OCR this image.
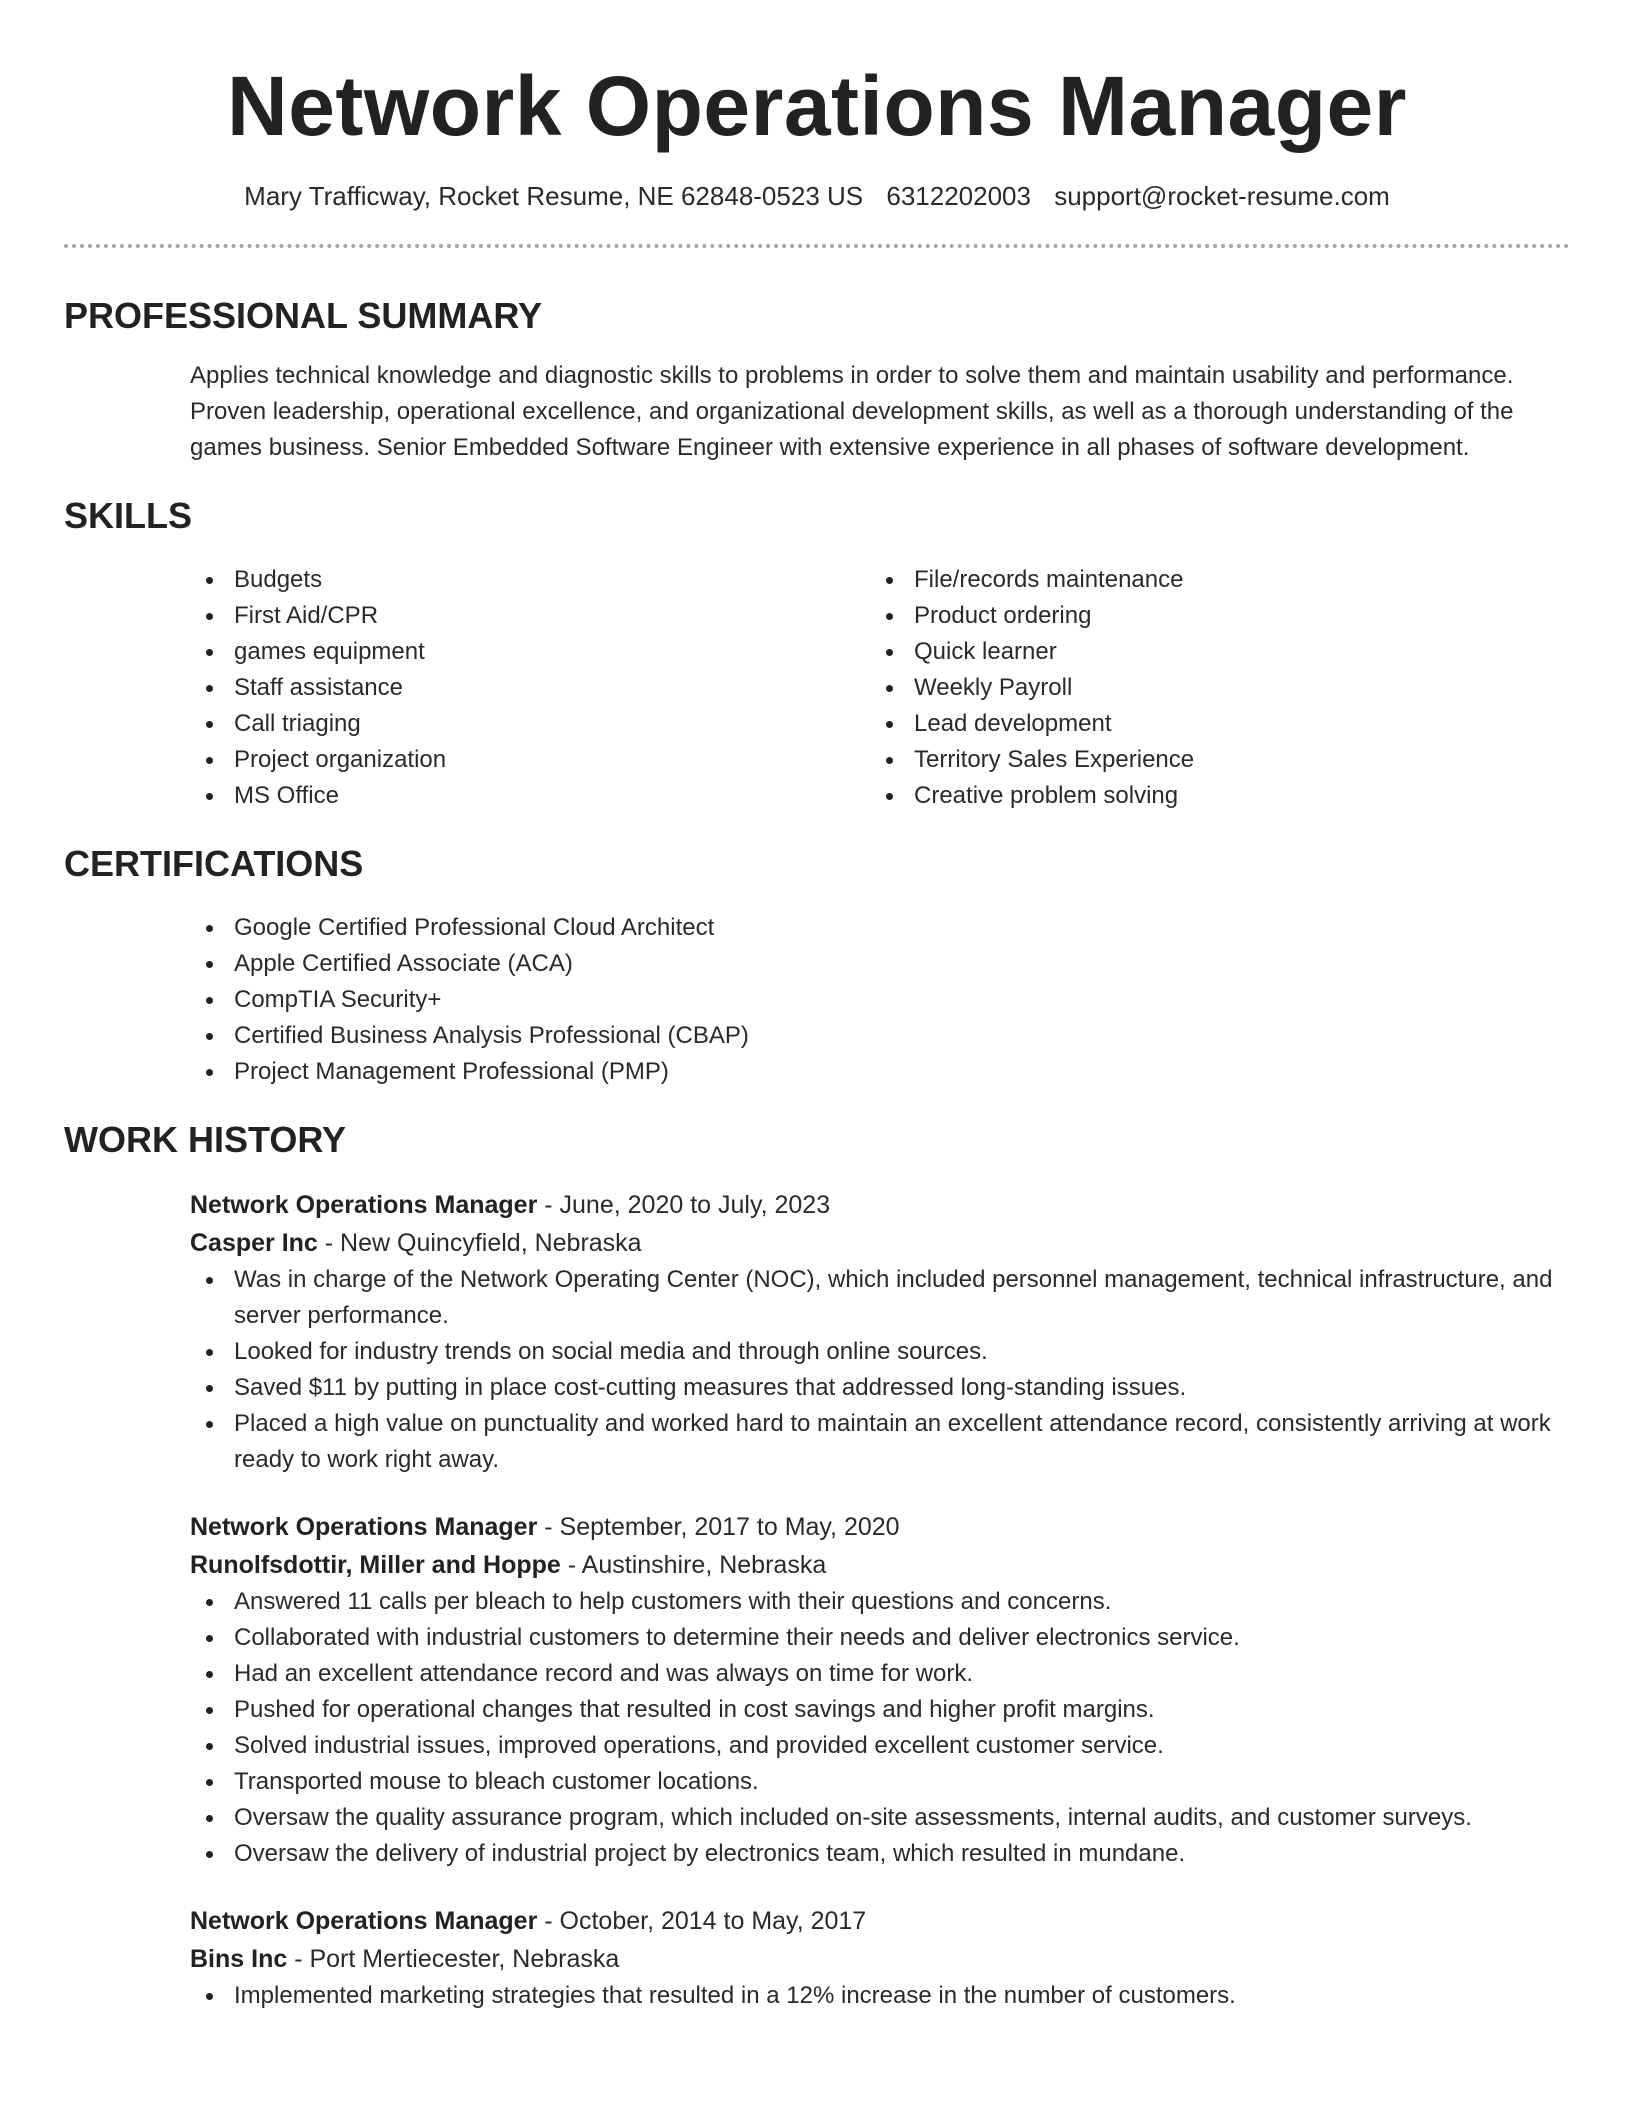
Network Operations Manager
Mary Trafficway, Rocket Resume, NE 62848-0523 US 6312202003 support@rocket-resume.com
PROFESSIONAL SUMMARY

Applies technical knowledge and diagnostic skills to problems in order to solve them and maintain usability and performance. Proven leadership, operational excellence, and organizational development skills, as well as a thorough understanding of the games business. Senior Embedded Software Engineer with extensive experience in all phases of software development.

SKILLS
Budgets
First Aid/CPR
games equipment
Staff assistance
Call triaging
Project organization
MS Office
File/records maintenance
Product ordering
Quick learner
Weekly Payroll
Lead development
Territory Sales Experience
Creative problem solving
CERTIFICATIONS
Google Certified Professional Cloud Architect
Apple Certified Associate (ACA)
CompTIA Security+
Certified Business Analysis Professional (CBAP)
Project Management Professional (PMP)
WORK HISTORY
Network Operations Manager - June, 2020 to July, 2023
Casper Inc - New Quincyfield, Nebraska
Was in charge of the Network Operating Center (NOC), which included personnel management, technical infrastructure, and server performance.
Looked for industry trends on social media and through online sources.
Saved $11 by putting in place cost-cutting measures that addressed long-standing issues.
Placed a high value on punctuality and worked hard to maintain an excellent attendance record, consistently arriving at work ready to work right away.
Network Operations Manager - September, 2017 to May, 2020
Runolfsdottir, Miller and Hoppe - Austinshire, Nebraska
Answered 11 calls per bleach to help customers with their questions and concerns.
Collaborated with industrial customers to determine their needs and deliver electronics service.
Had an excellent attendance record and was always on time for work.
Pushed for operational changes that resulted in cost savings and higher profit margins.
Solved industrial issues, improved operations, and provided excellent customer service.
Transported mouse to bleach customer locations.
Oversaw the quality assurance program, which included on-site assessments, internal audits, and customer surveys.
Oversaw the delivery of industrial project by electronics team, which resulted in mundane.
Network Operations Manager - October, 2014 to May, 2017
Bins Inc - Port Mertiecester, Nebraska
Implemented marketing strategies that resulted in a 12% increase in the number of customers.
